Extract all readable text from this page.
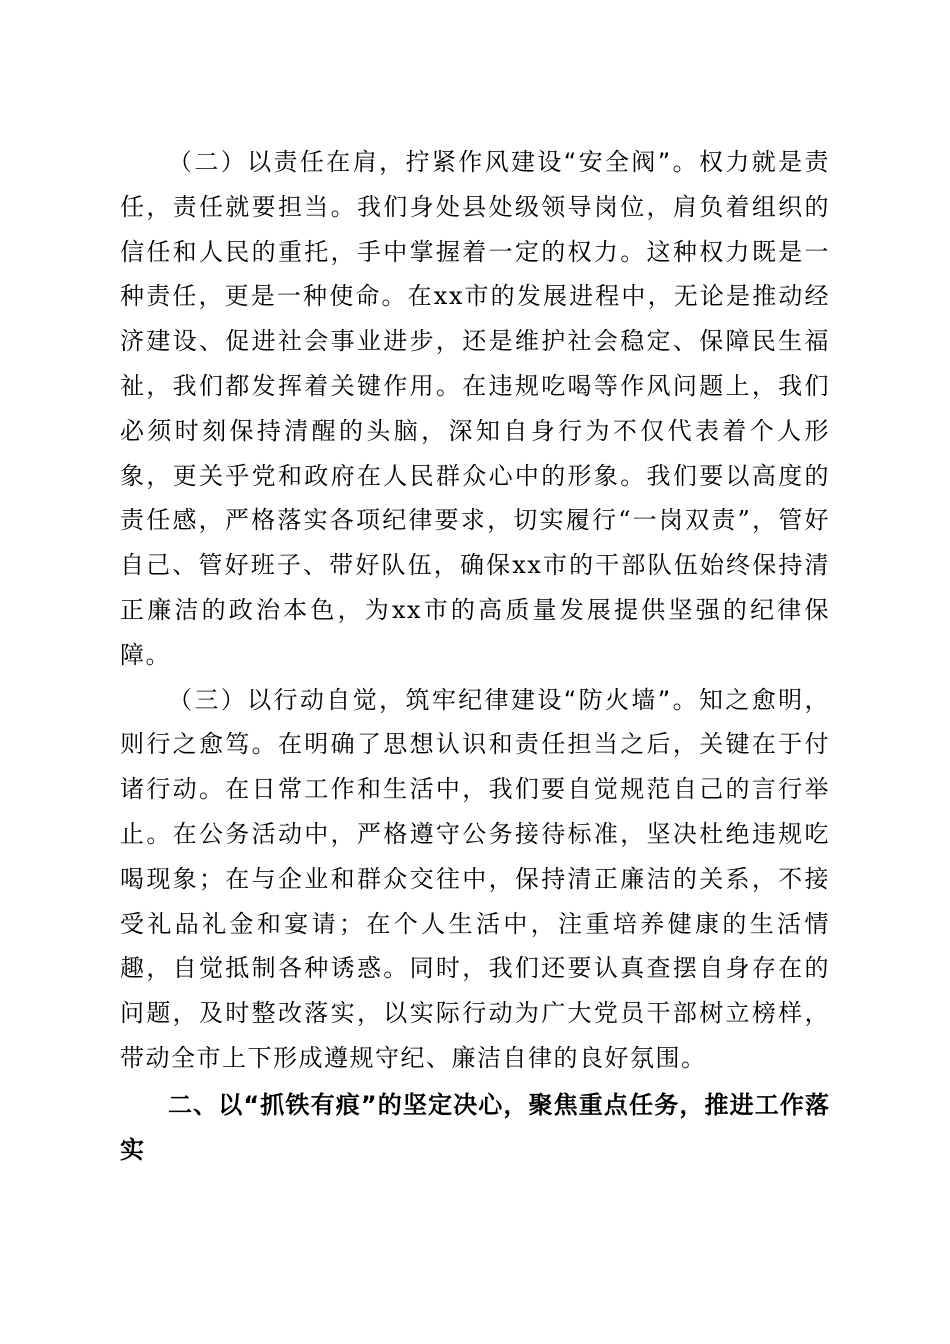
（二）以责任在肩，拧紧作风建设“安全阀”。权力就是责任，责任就要担当。我们身处县处级领导岗位，肩负着组织的信任和人民的重托，手中掌握着一定的权力。这种权力既是一种责任，更是一种使命。在xx市的发展进程中，无论是推动经济建设、促进社会事业进步，还是维护社会稳定、保障民生福祉，我们都发挥着关键作用。在违规吃喝等作风问题上，我们必须时刻保持清醒的头脑，深知自身行为不仅代表着个人形象，更关乎党和政府在人民群众心中的形象。我们要以高度的责任感，严格落实各项纪律要求，切实履行“一岗双责”，管好自己、管好班子、带好队伍，确保xx市的干部队伍始终保持清正廉洁的政治本色，为xx市的高质量发展提供坚强的纪律保障。

（三）以行动自觉，筑牢纪律建设“防火墙”。知之愈明，则行之愈笃。在明确了思想认识和责任担当之后，关键在于付诸行动。在日常工作和生活中，我们要自觉规范自己的言行举止。在公务活动中，严格遵守公务接待标准，坚决杜绝违规吃喝现象；在与企业和群众交往中，保持清正廉洁的关系，不接受礼品礼金和宴请；在个人生活中，注重培养健康的生活情趣，自觉抵制各种诱惑。同时，我们还要认真查摆自身存在的问题，及时整改落实，以实际行动为广大党员干部树立榜样，带动全市上下形成遵规守纪、廉洁自律的良好氛围。

二、以“抓铁有痕”的坚定决心，聚焦重点任务，推进工作落实
